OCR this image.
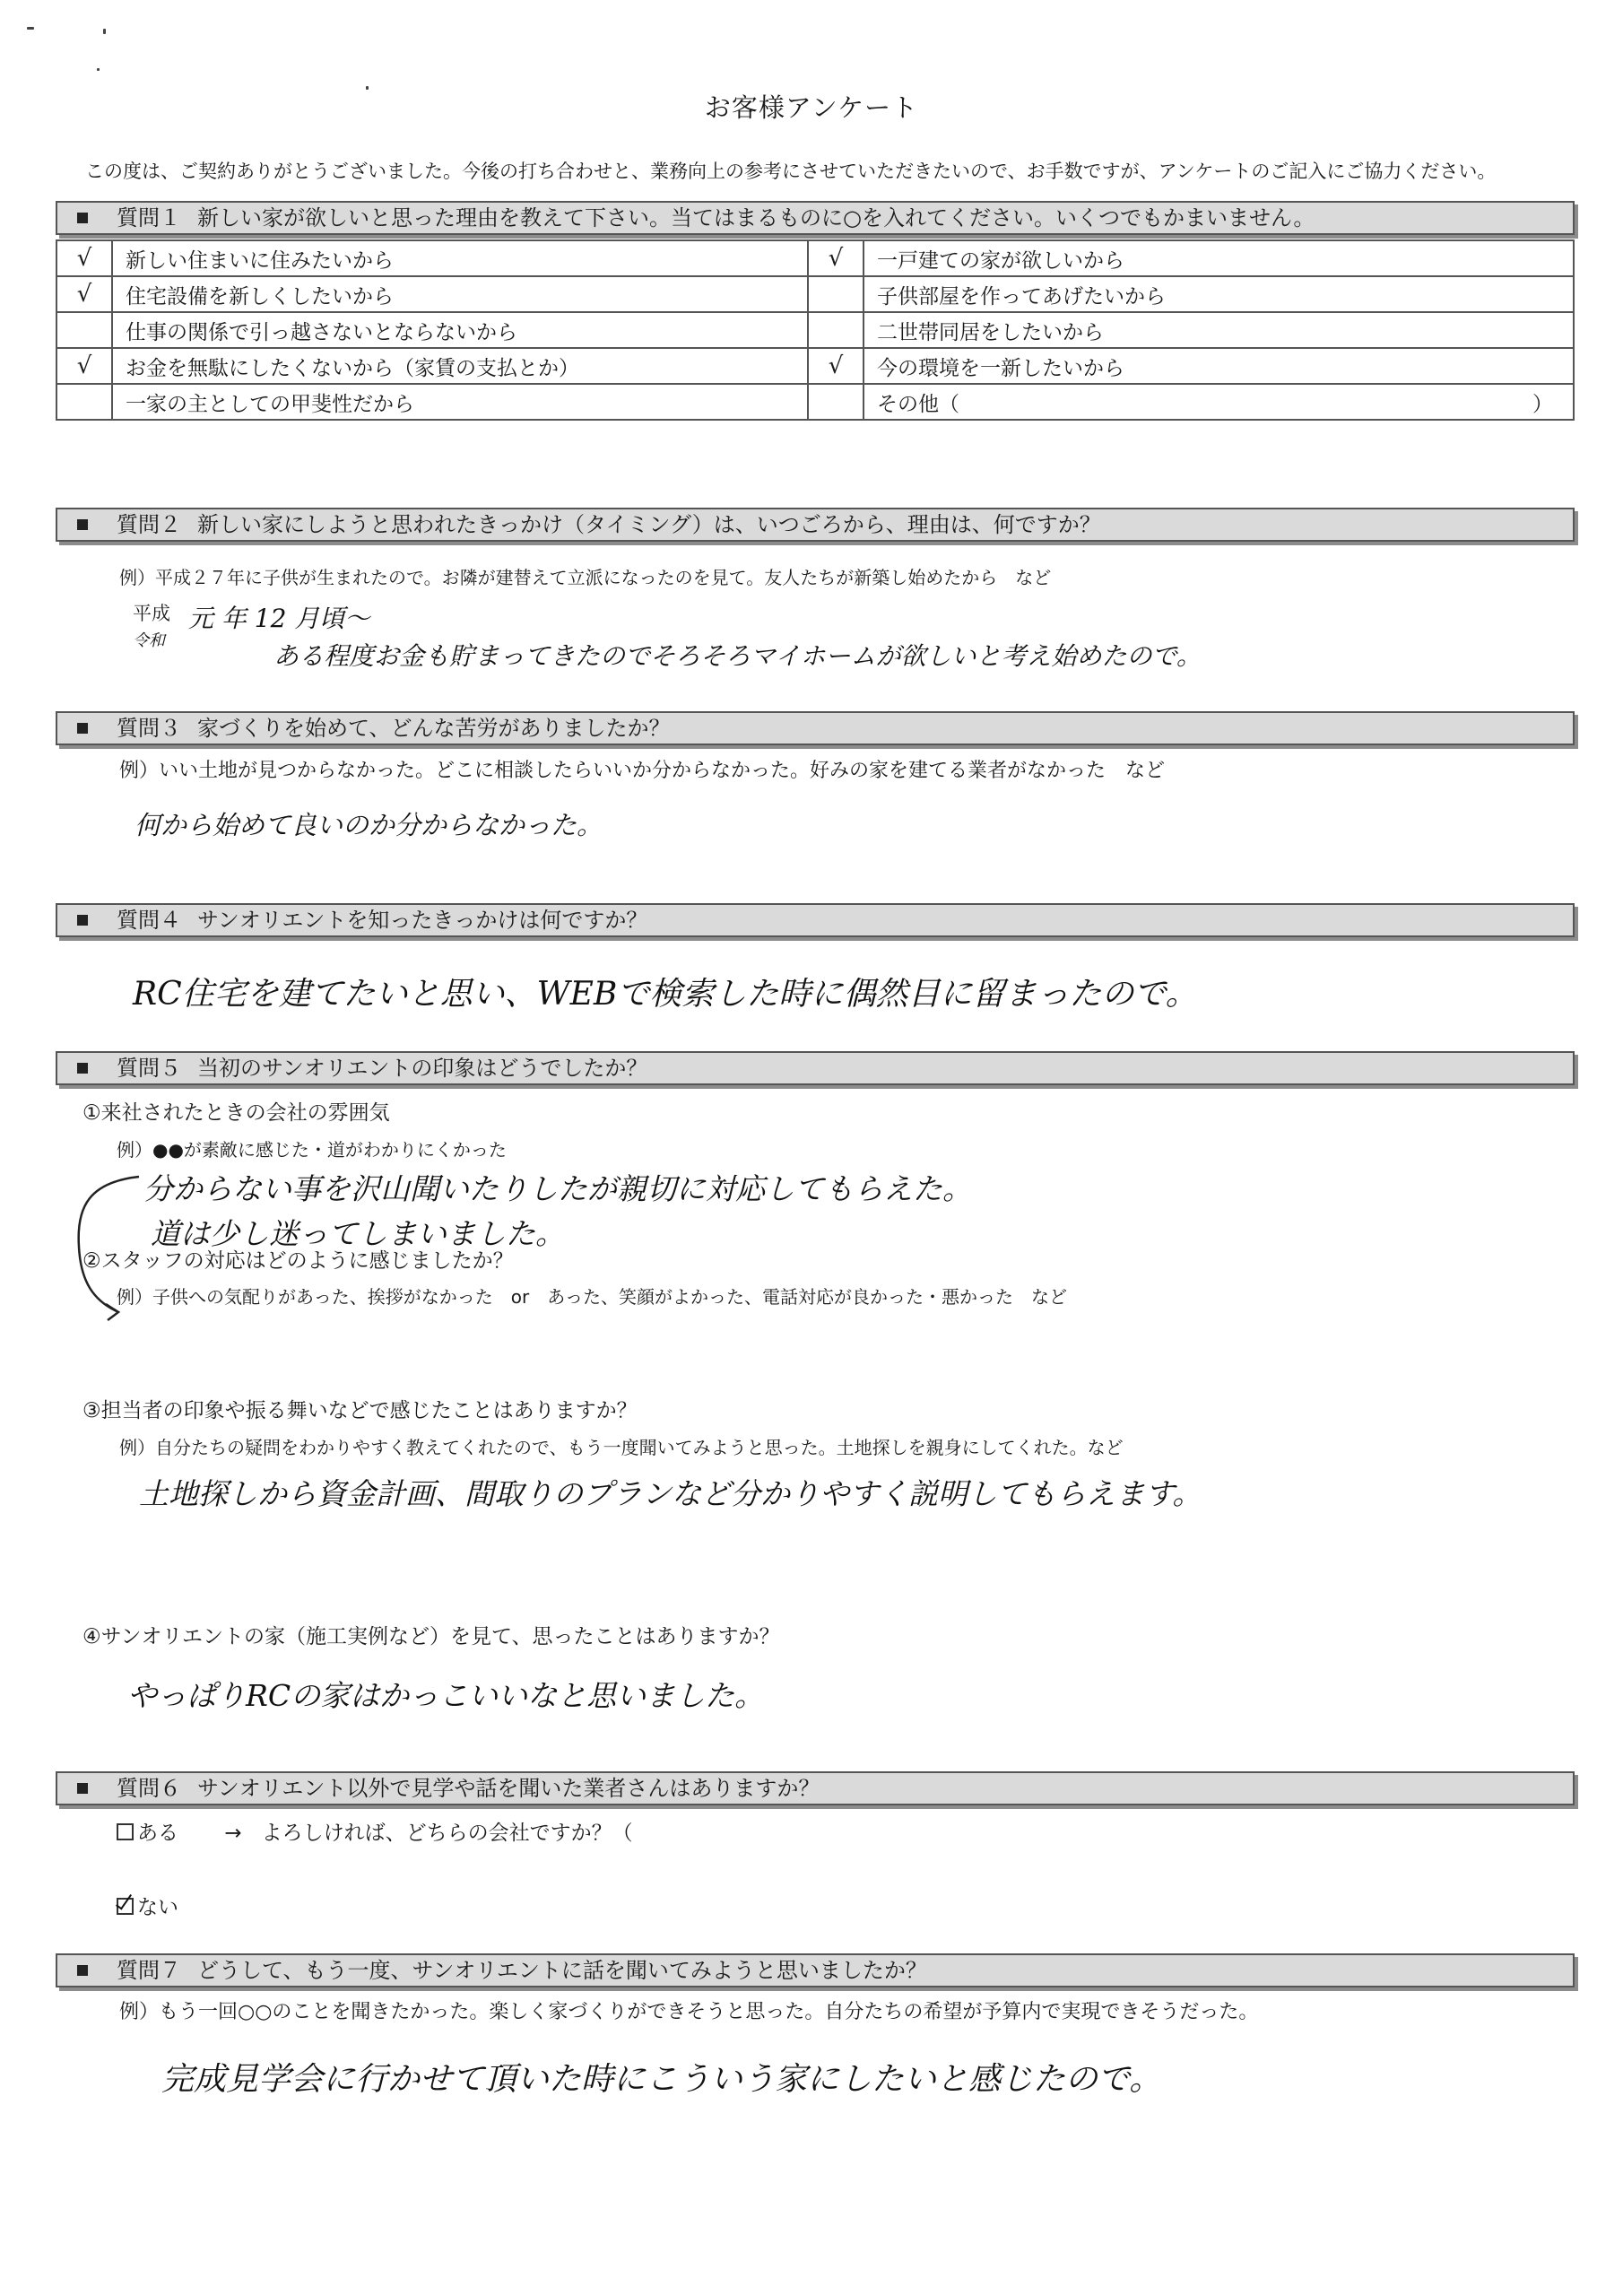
お客様アンケート
この度は、ご契約ありがとうございました。今後の打ち合わせと、業務向上の参考にさせていただきたいので、お手数ですが、アンケートのご記入にご協力ください。
質問１ 新しい家が欲しいと思った理由を教えて下さい。当てはまるものに○を入れてください。いくつでもかまいません。
√	新しい住まいに住みたいから	√	一戸建ての家が欲しいから
√	住宅設備を新しくしたいから		子供部屋を作ってあげたいから
	仕事の関係で引っ越さないとならないから		二世帯同居をしたいから
√	お金を無駄にしたくないから（家賃の支払とか）	√	今の環境を一新したいから
	一家の主としての甲斐性だから		その他（ ）
質問２ 新しい家にしようと思われたきっかけ（タイミング）は、いつごろから、理由は、何ですか？
例）平成２７年に子供が生まれたので。お隣が建替えて立派になったのを見て。友人たちが新築し始めたから　など
平成
令和
元 年 12 月頃～
ある程度お金も貯まってきたのでそろそろマイホームが欲しいと考え始めたので。
質問３ 家づくりを始めて、どんな苦労がありましたか？
例）いい土地が見つからなかった。どこに相談したらいいか分からなかった。好みの家を建てる業者がなかった　など
何から始めて良いのか分からなかった。
質問４ サンオリエントを知ったきっかけは何ですか？
RC住宅を建てたいと思い、WEBで検索した時に偶然目に留まったので。
質問５ 当初のサンオリエントの印象はどうでしたか？
①来社されたときの会社の雰囲気
例）●●が素敵に感じた・道がわかりにくかった
分からない事を沢山聞いたりしたが親切に対応してもらえた。
道は少し迷ってしまいました。
②スタッフの対応はどのように感じましたか？
例）子供への気配りがあった、挨拶がなかった　or　あった、笑顔がよかった、電話対応が良かった・悪かった　など
③担当者の印象や振る舞いなどで感じたことはありますか？
例）自分たちの疑問をわかりやすく教えてくれたので、もう一度聞いてみようと思った。土地探しを親身にしてくれた。など
土地探しから資金計画、間取りのプランなど分かりやすく説明してもらえます。
④サンオリエントの家（施工実例など）を見て、思ったことはありますか？
やっぱりRCの家はかっこいいなと思いました。
質問６ サンオリエント以外で見学や話を聞いた業者さんはありますか？
ある → よろしければ、どちらの会社ですか？（
ない
質問７ どうして、もう一度、サンオリエントに話を聞いてみようと思いましたか？
例）もう一回○○のことを聞きたかった。楽しく家づくりができそうと思った。自分たちの希望が予算内で実現できそうだった。
完成見学会に行かせて頂いた時にこういう家にしたいと感じたので。
